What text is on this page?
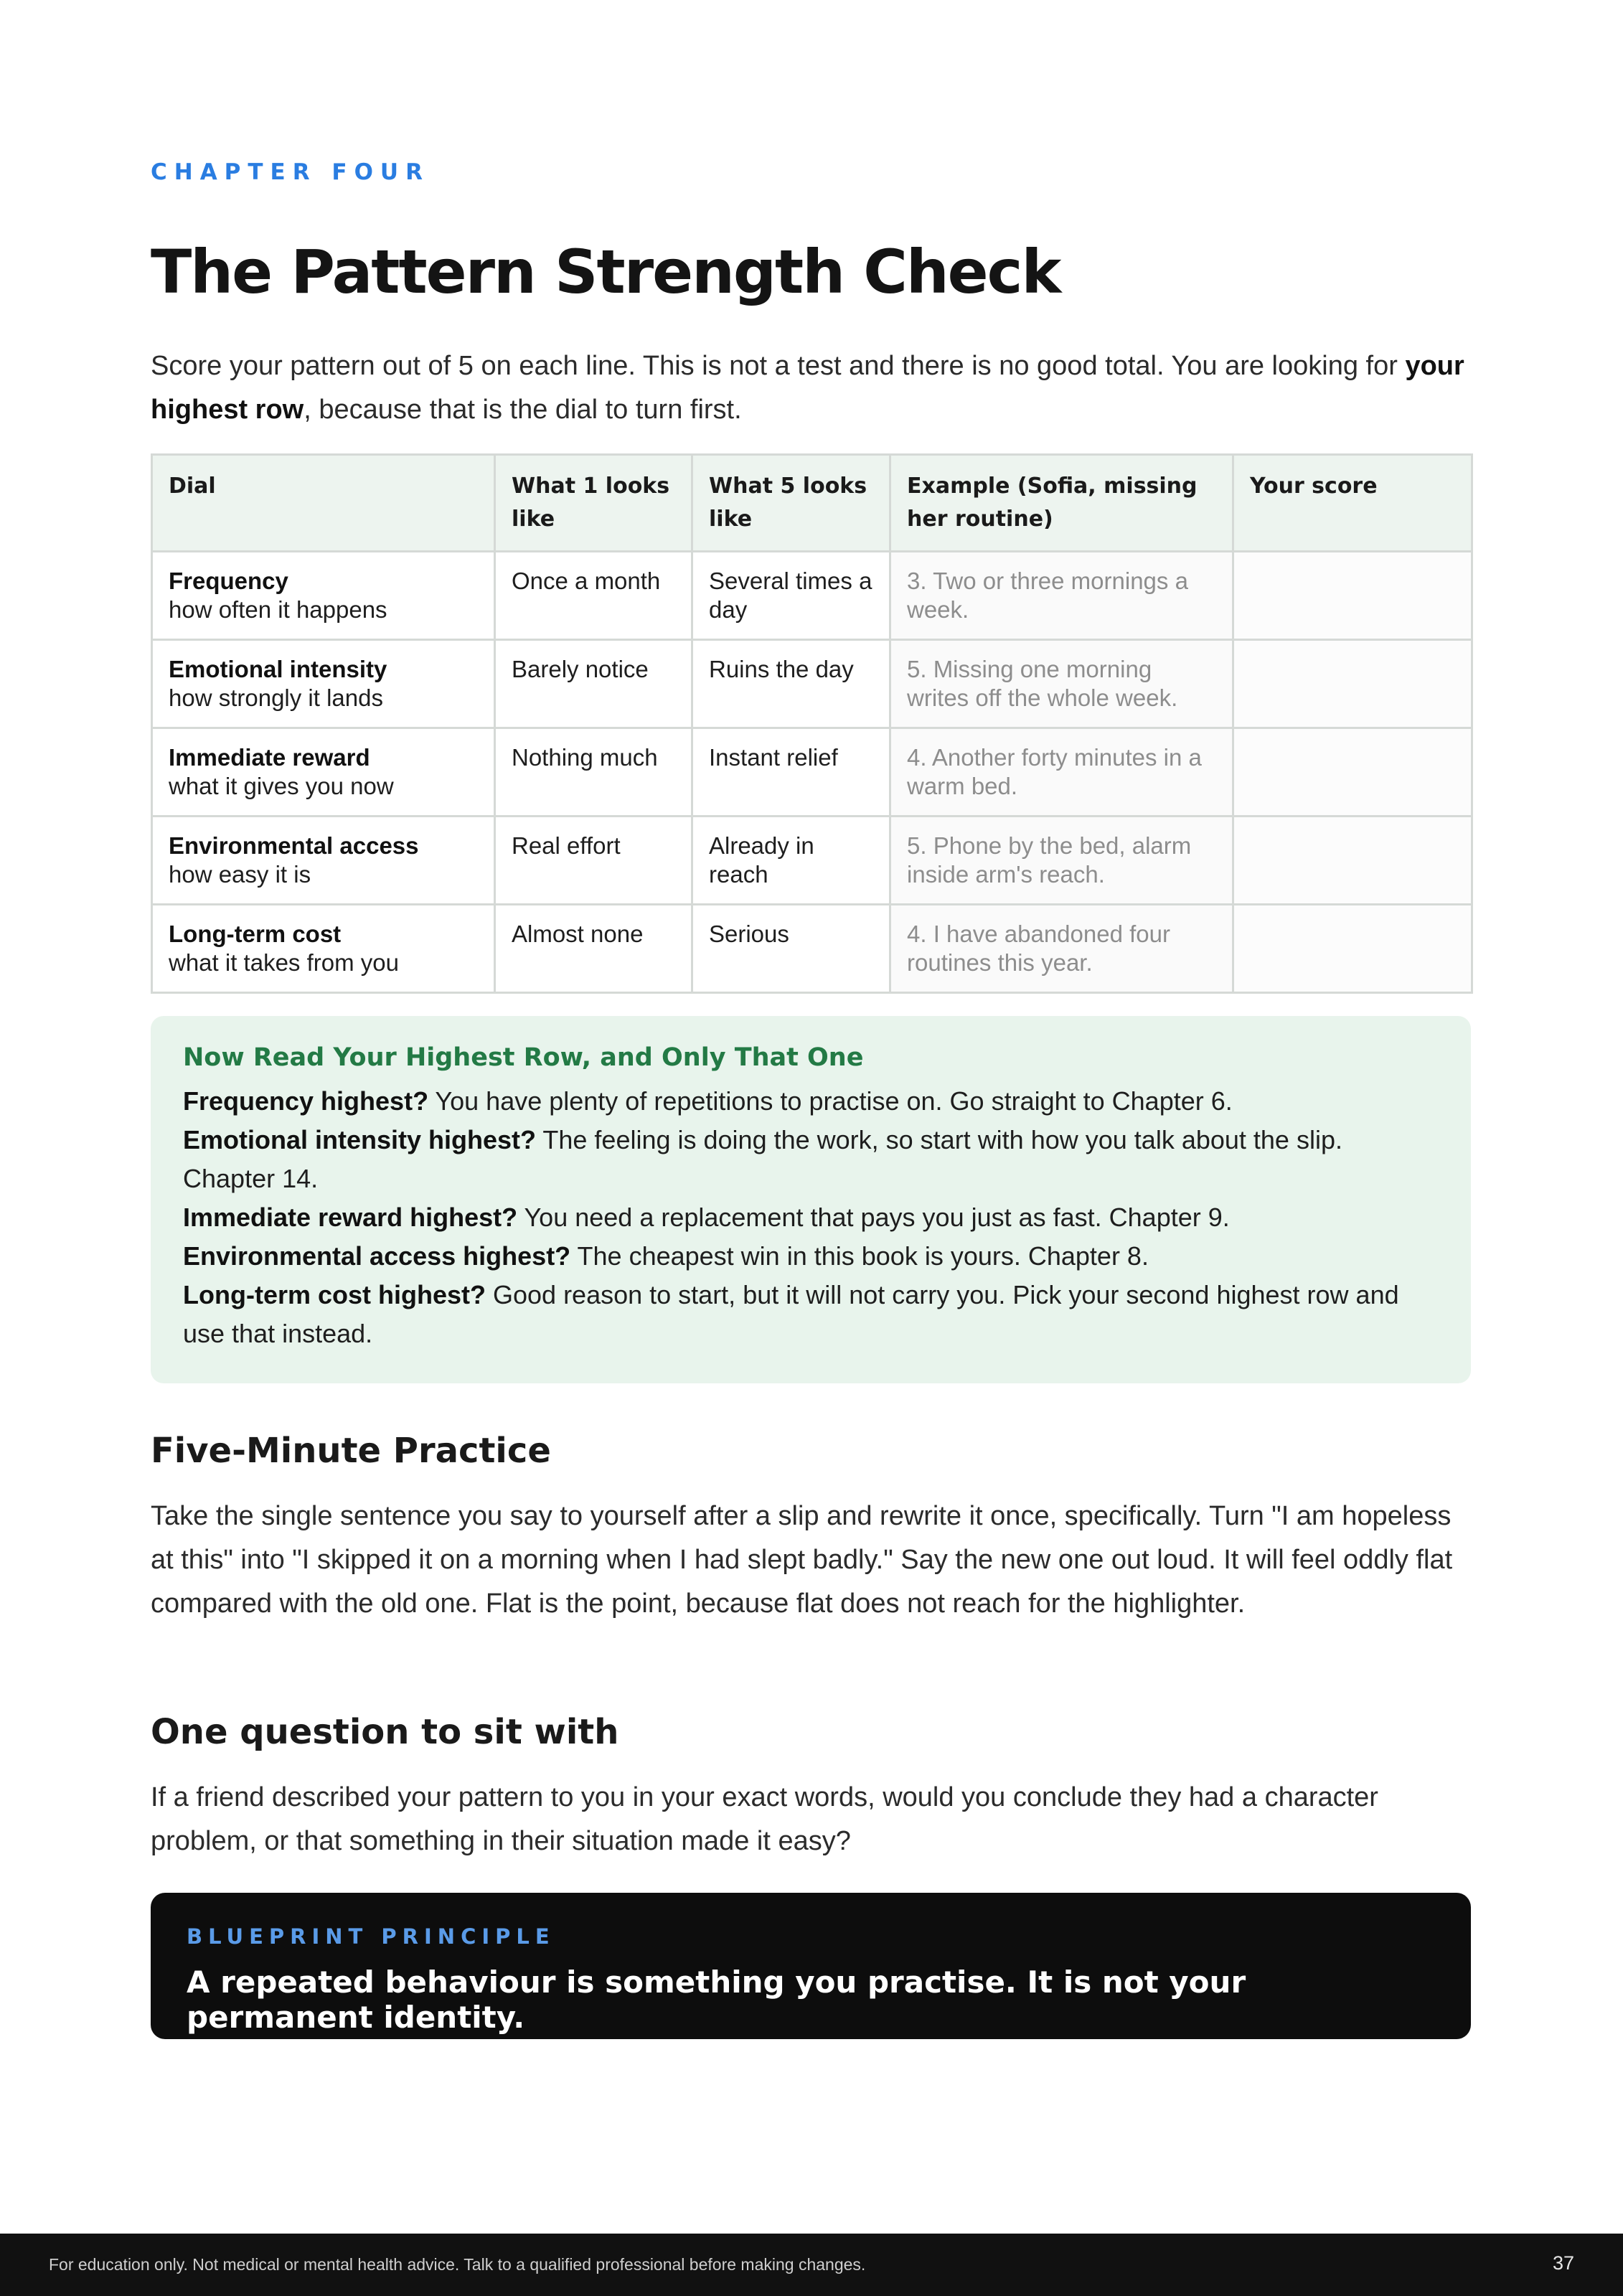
CHAPTER FOUR
The Pattern Strength Check

Score your pattern out of 5 on each line. This is not a test and there is no good total. You are looking for your highest row, because that is the dial to turn first.

Dial	What 1 looks like	What 5 looks like	Example (Sofia, missing her routine)	Your score

Frequency
how often it happens	Once a month	Several times a day	3. Two or three mornings a week.	

Emotional intensity
how strongly it lands	Barely notice	Ruins the day	5. Missing one morning writes off the whole week.	

Immediate reward
what it gives you now	Nothing much	Instant relief	4. Another forty minutes in a warm bed.	

Environmental access
how easy it is	Real effort	Already in reach	5. Phone by the bed, alarm inside arm's reach.	

Long-term cost
what it takes from you	Almost none	Serious	4. I have abandoned four routines this year.	
Now Read Your Highest Row, and Only That One

Frequency highest? You have plenty of repetitions to practise on. Go straight to Chapter 6.

Emotional intensity highest? The feeling is doing the work, so start with how you talk about the slip. Chapter 14.

Immediate reward highest? You need a replacement that pays you just as fast. Chapter 9.

Environmental access highest? The cheapest win in this book is yours. Chapter 8.

Long-term cost highest? Good reason to start, but it will not carry you. Pick your second highest row and use that instead.

Five-Minute Practice

Take the single sentence you say to yourself after a slip and rewrite it once, specifically. Turn "I am hopeless at this" into "I skipped it on a morning when I had slept badly." Say the new one out loud. It will feel oddly flat compared with the old one. Flat is the point, because flat does not reach for the highlighter.

One question to sit with

If a friend described your pattern to you in your exact words, would you conclude they had a character problem, or that something in their situation made it easy?

BLUEPRINT PRINCIPLE
A repeated behaviour is something you practise. It is not your permanent identity.
For education only. Not medical or mental health advice. Talk to a qualified professional before making changes.	37
